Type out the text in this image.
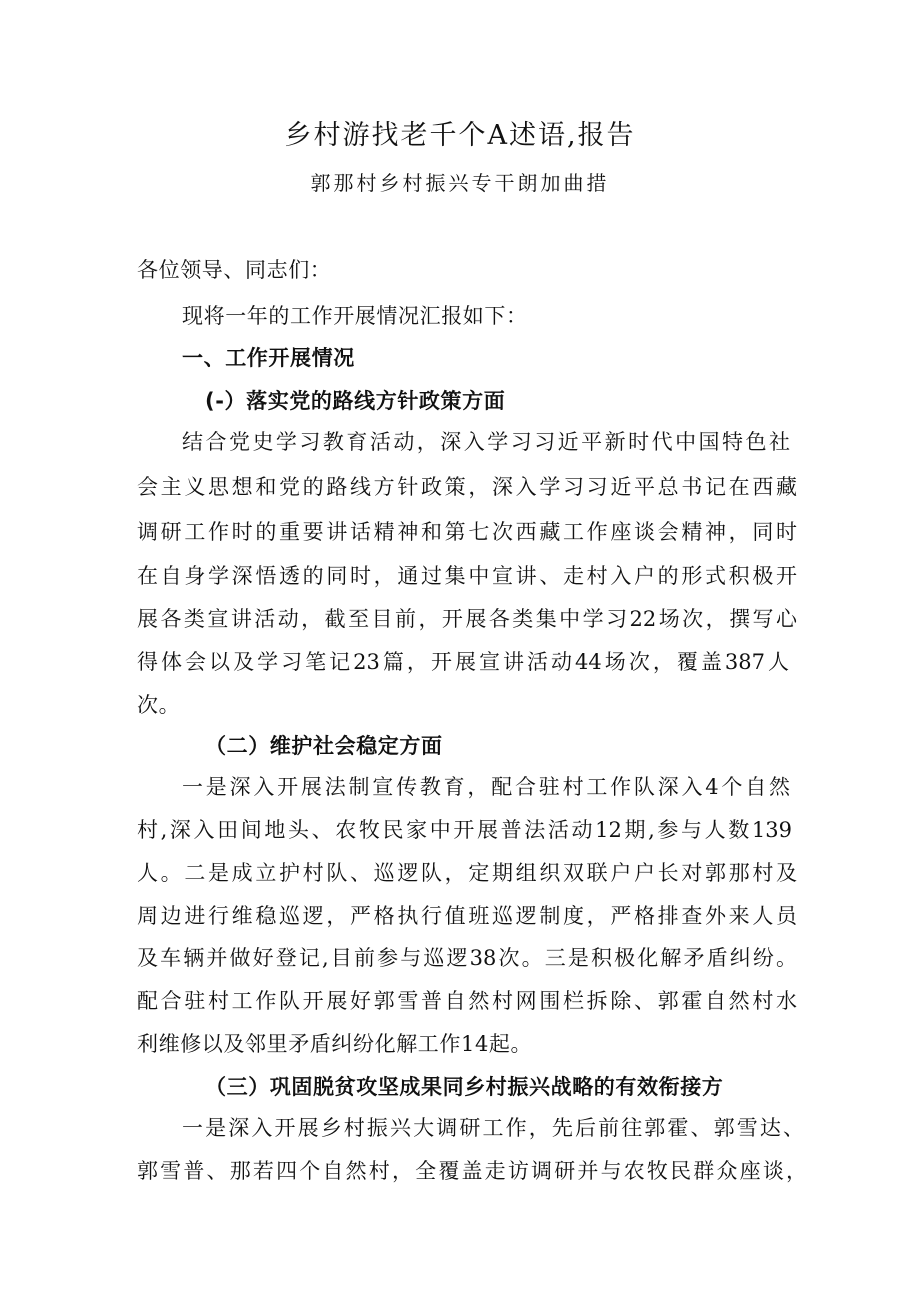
乡村游找老千个A述语,报告
郭那村乡村振兴专干朗加曲措
各位领导、同志们：
现将一年的工作开展情况汇报如下：
一、工作开展情况
(-）落实党的路线方针政策方面
结合党史学习教育活动，深入学习习近平新时代中国特色社
会主义思想和党的路线方针政策，深入学习习近平总书记在西藏
调研工作时的重要讲话精神和第七次西藏工作座谈会精神，同时
在自身学深悟透的同时，通过集中宣讲、走村入户的形式积极开
展各类宣讲活动，截至目前，开展各类集中学习22场次，撰写心
得体会以及学习笔记23篇，开展宣讲活动44场次，覆盖387人
次。
（二）维护社会稳定方面
一是深入开展法制宣传教育，配合驻村工作队深入4个自然
村,深入田间地头、农牧民家中开展普法活动12期,参与人数139
人。二是成立护村队、巡逻队，定期组织双联户户长对郭那村及
周边进行维稳巡逻，严格执行值班巡逻制度，严格排查外来人员
及车辆并做好登记,目前参与巡逻38次。三是积极化解矛盾纠纷。
配合驻村工作队开展好郭雪普自然村网围栏拆除、郭霍自然村水
利维修以及邻里矛盾纠纷化解工作14起。
（三）巩固脱贫攻坚成果同乡村振兴战略的有效衔接方
一是深入开展乡村振兴大调研工作，先后前往郭霍、郭雪达、
郭雪普、那若四个自然村，全覆盖走访调研并与农牧民群众座谈，
